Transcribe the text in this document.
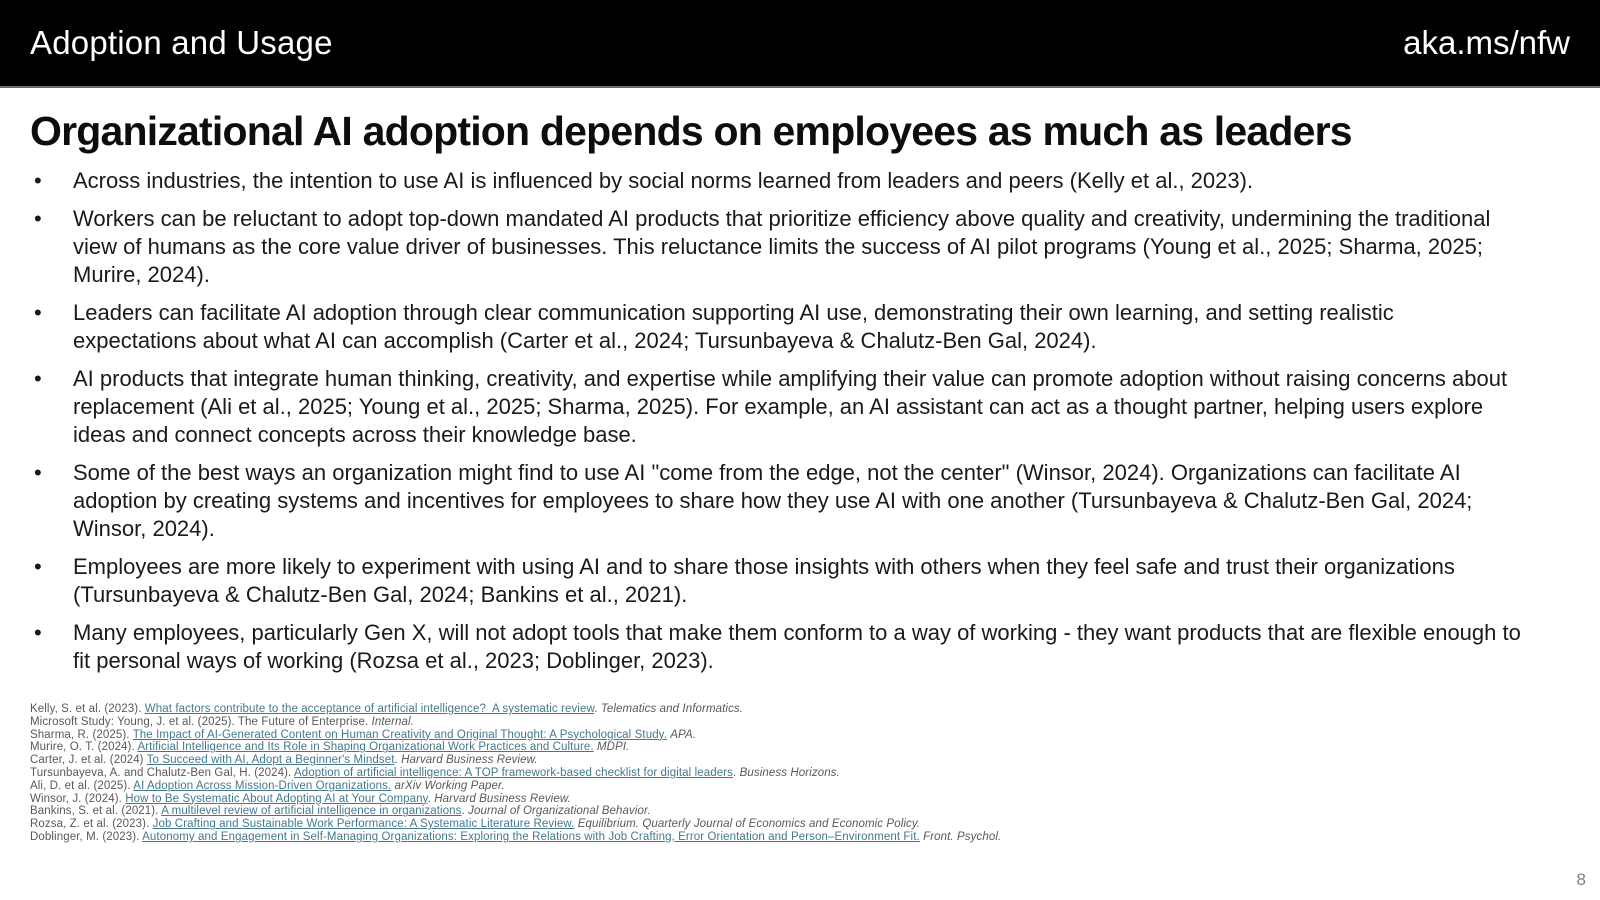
Adoption and Usage	aka.ms/nfw
Organizational AI adoption depends on employees as much as leaders
•	Across industries, the intention to use AI is influenced by social norms learned from leaders and peers (Kelly et al., 2023).
•	Workers can be reluctant to adopt top-down mandated AI products that prioritize efficiency above quality and creativity, undermining the traditional view of humans as the core value driver of businesses. This reluctance limits the success of AI pilot programs (Young et al., 2025; Sharma, 2025; Murire, 2024).
•	Leaders can facilitate AI adoption through clear communication supporting AI use, demonstrating their own learning, and setting realistic expectations about what AI can accomplish (Carter et al., 2024; Tursunbayeva & Chalutz-Ben Gal, 2024).
•	AI products that integrate human thinking, creativity, and expertise while amplifying their value can promote adoption without raising concerns about replacement (Ali et al., 2025; Young et al., 2025; Sharma, 2025). For example, an AI assistant can act as a thought partner, helping users explore ideas and connect concepts across their knowledge base.
•	Some of the best ways an organization might find to use AI "come from the edge, not the center" (Winsor, 2024). Organizations can facilitate AI adoption by creating systems and incentives for employees to share how they use AI with one another (Tursunbayeva & Chalutz-Ben Gal, 2024; Winsor, 2024).
•	Employees are more likely to experiment with using AI and to share those insights with others when they feel safe and trust their organizations (Tursunbayeva & Chalutz-Ben Gal, 2024; Bankins et al., 2021).
•	Many employees, particularly Gen X, will not adopt tools that make them conform to a way of working - they want products that are flexible enough to fit personal ways of working (Rozsa et al., 2023; Doblinger, 2023).
Kelly, S. et al. (2023). What factors contribute to the acceptance of artificial intelligence?  A systematic review. Telematics and Informatics.
Microsoft Study: Young, J. et al. (2025). The Future of Enterprise. Internal.
Sharma, R. (2025). The Impact of AI-Generated Content on Human Creativity and Original Thought: A Psychological Study. APA.
Murire, O. T. (2024). Artificial Intelligence and Its Role in Shaping Organizational Work Practices and Culture. MDPI.
Carter, J. et al. (2024) To Succeed with AI, Adopt a Beginner's Mindset. Harvard Business Review.
Tursunbayeva, A. and Chalutz-Ben Gal, H. (2024). Adoption of artificial intelligence: A TOP framework-based checklist for digital leaders. Business Horizons.
Ali, D. et al. (2025). AI Adoption Across Mission-Driven Organizations. arXiv Working Paper.
Winsor, J. (2024). How to Be Systematic About Adopting AI at Your Company. Harvard Business Review.
Bankins, S. et al. (2021). A multilevel review of artificial intelligence in organizations. Journal of Organizational Behavior.
Rozsa, Z. et al. (2023). Job Crafting and Sustainable Work Performance: A Systematic Literature Review. Equilibrium. Quarterly Journal of Economics and Economic Policy.
Doblinger, M. (2023). Autonomy and Engagement in Self-Managing Organizations: Exploring the Relations with Job Crafting, Error Orientation and Person–Environment Fit. Front. Psychol.
8
